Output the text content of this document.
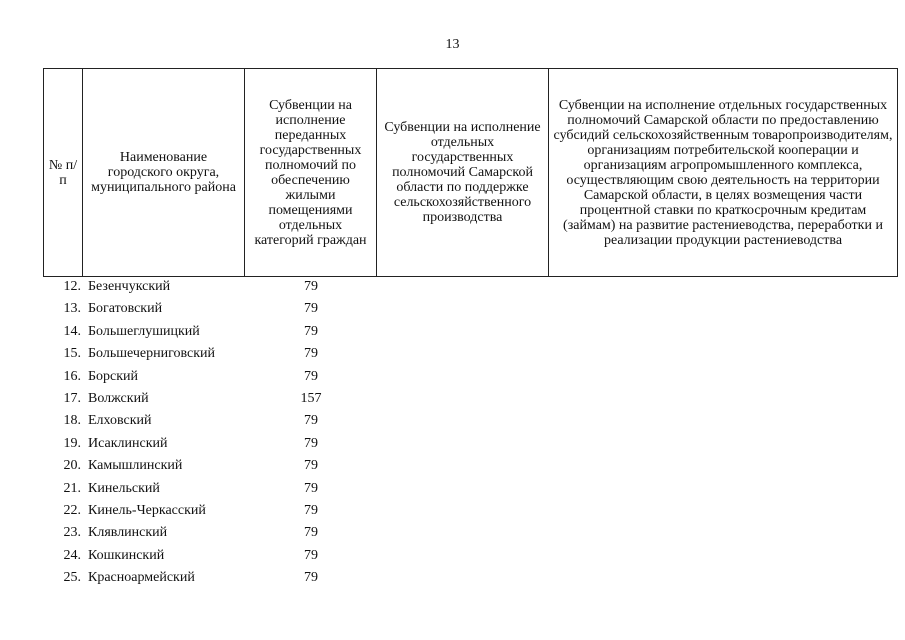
13
№ п/п	Наименование городского округа, муниципального района	Субвенции на исполнение переданных государственных полномочий по обеспечению жилыми помещениями отдельных категорий граждан	Субвенции на исполнение отдельных государственных полномочий Самарской области по поддержке сельскохозяйственного производства	Субвенции на исполнение отдельных государственных полномочий Самарской области по предоставлению субсидий сельскохозяйственным товаропроизводителям, организациям потребительской кооперации и организациям агропромышленного комплекса, осуществляющим свою деятельность на территории Самарской области, в целях возмещения части процентной ставки по краткосрочным кредитам (займам) на развитие растениеводства, переработки и реализации продукции растениеводства
12. Безенчукский	79
13. Богатовский	79
14. Большеглушицкий	79
15. Большечерниговский	79
16. Борский	79
17. Волжский	157
18. Елховский	79
19. Исаклинский	79
20. Камышлинский	79
21. Кинельский	79
22. Кинель-Черкасский	79
23. Клявлинский	79
24. Кошкинский	79
25. Красноармейский	79
